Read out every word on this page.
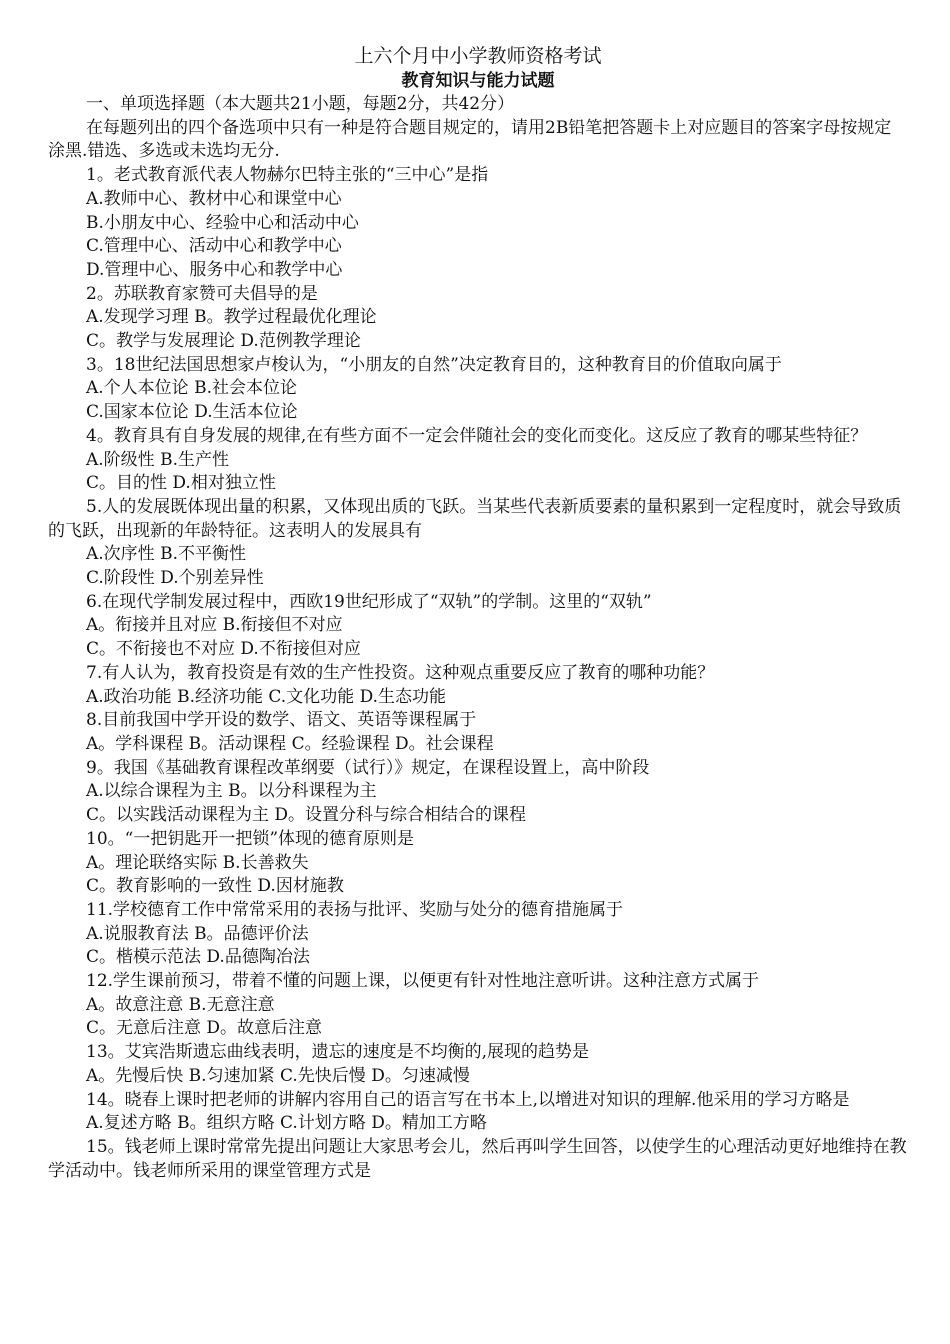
上六个月中小学教师资格考试
教育知识与能力试题
一、单项选择题（本大题共21小题，每题2分，共42分）
在每题列出的四个备选项中只有一种是符合题目规定的，请用2B铅笔把答题卡上对应题目的答案字母按规定涂黑.错选、多选或未选均无分.
1。老式教育派代表人物赫尔巴特主张的“三中心”是指
A.教师中心、教材中心和课堂中心
B.小朋友中心、经验中心和活动中心
C.管理中心、活动中心和教学中心
D.管理中心、服务中心和教学中心
2。苏联教育家赞可夫倡导的是
A.发现学习理 B。教学过程最优化理论
C。教学与发展理论 D.范例教学理论
3。18世纪法国思想家卢梭认为，“小朋友的自然”决定教育目的，这种教育目的价值取向属于
A.个人本位论 B.社会本位论
C.国家本位论 D.生活本位论
4。教育具有自身发展的规律,在有些方面不一定会伴随社会的变化而变化。这反应了教育的哪某些特征？
A.阶级性 B.生产性
C。目的性 D.相对独立性
5.人的发展既体现出量的积累，又体现出质的飞跃。当某些代表新质要素的量积累到一定程度时，就会导致质的飞跃，出现新的年龄特征。这表明人的发展具有
A.次序性 B.不平衡性
C.阶段性 D.个别差异性
6.在现代学制发展过程中，西欧19世纪形成了“双轨”的学制。这里的“双轨”
A。衔接并且对应 B.衔接但不对应
C。不衔接也不对应 D.不衔接但对应
7.有人认为，教育投资是有效的生产性投资。这种观点重要反应了教育的哪种功能？
A.政治功能 B.经济功能 C.文化功能 D.生态功能
8.目前我国中学开设的数学、语文、英语等课程属于
A。学科课程 B。活动课程 C。经验课程 D。社会课程
9。我国《基础教育课程改革纲要（试行）》规定，在课程设置上，高中阶段
A.以综合课程为主 B。以分科课程为主
C。以实践活动课程为主 D。设置分科与综合相结合的课程
10。“一把钥匙开一把锁”体现的德育原则是
A。理论联络实际 B.长善救失
C。教育影响的一致性 D.因材施教
11.学校德育工作中常常采用的表扬与批评、奖励与处分的德育措施属于
A.说服教育法 B。品德评价法
C。楷模示范法 D.品德陶冶法
12.学生课前预习，带着不懂的问题上课，以便更有针对性地注意听讲。这种注意方式属于
A。故意注意 B.无意注意
C。无意后注意 D。故意后注意
13。艾宾浩斯遗忘曲线表明，遗忘的速度是不均衡的,展现的趋势是
A。先慢后快 B.匀速加紧 C.先快后慢 D。匀速减慢
14。晓春上课时把老师的讲解内容用自己的语言写在书本上,以增进对知识的理解.他采用的学习方略是
A.复述方略 B。组织方略 C.计划方略 D。精加工方略
15。钱老师上课时常常先提出问题让大家思考会儿，然后再叫学生回答，以使学生的心理活动更好地维持在教学活动中。钱老师所采用的课堂管理方式是
